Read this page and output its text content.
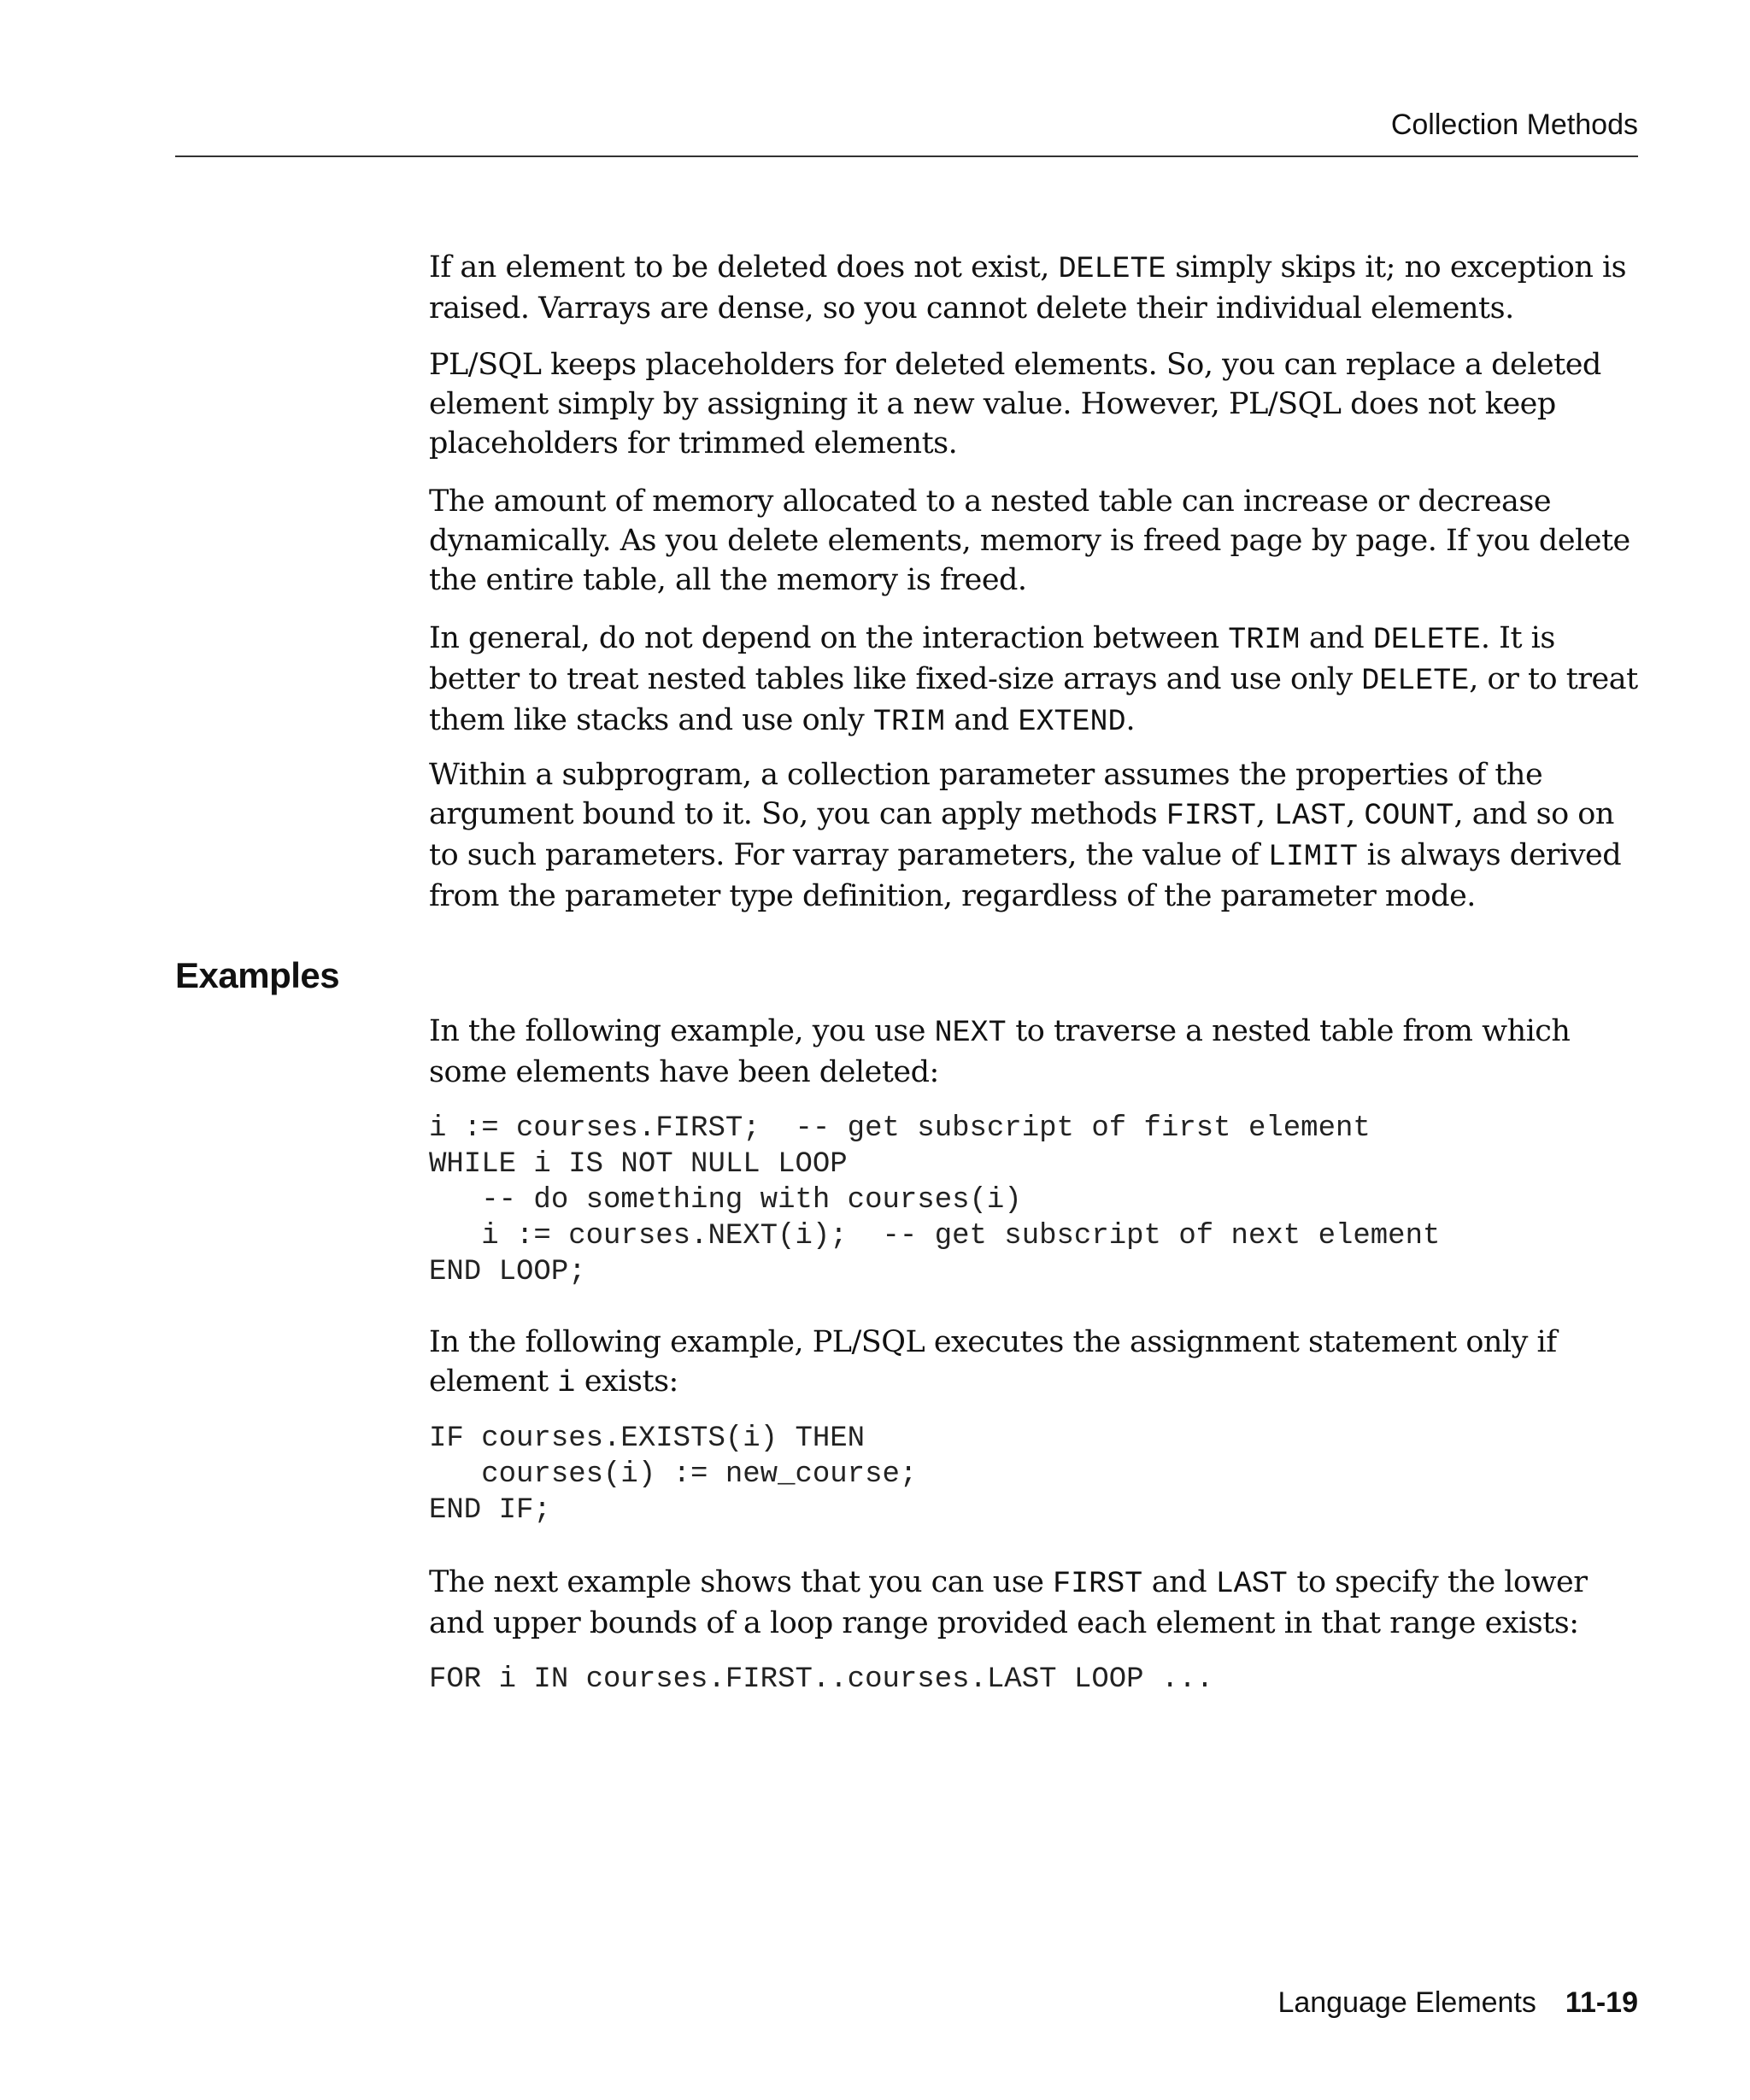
Collection Methods

If an element to be deleted does not exist, DELETE simply skips it; no exception is raised. Varrays are dense, so you cannot delete their individual elements.

PL/SQL keeps placeholders for deleted elements. So, you can replace a deleted element simply by assigning it a new value. However, PL/SQL does not keep placeholders for trimmed elements.

The amount of memory allocated to a nested table can increase or decrease dynamically. As you delete elements, memory is freed page by page. If you delete the entire table, all the memory is freed.

In general, do not depend on the interaction between TRIM and DELETE. It is better to treat nested tables like fixed-size arrays and use only DELETE, or to treat them like stacks and use only TRIM and EXTEND.

Within a subprogram, a collection parameter assumes the properties of the argument bound to it. So, you can apply methods FIRST, LAST, COUNT, and so on to such parameters. For varray parameters, the value of LIMIT is always derived from the parameter type definition, regardless of the parameter mode.

Examples

In the following example, you use NEXT to traverse a nested table from which some elements have been deleted:

i := courses.FIRST;  -- get subscript of first element
WHILE i IS NOT NULL LOOP
-- do something with courses(i)
i := courses.NEXT(i);  -- get subscript of next element
END LOOP;

In the following example, PL/SQL executes the assignment statement only if element i exists:

IF courses.EXISTS(i) THEN
courses(i) := new_course;
END IF;

The next example shows that you can use FIRST and LAST to specify the lower and upper bounds of a loop range provided each element in that range exists:

FOR i IN courses.FIRST..courses.LAST LOOP ...
Language Elements 11-19
